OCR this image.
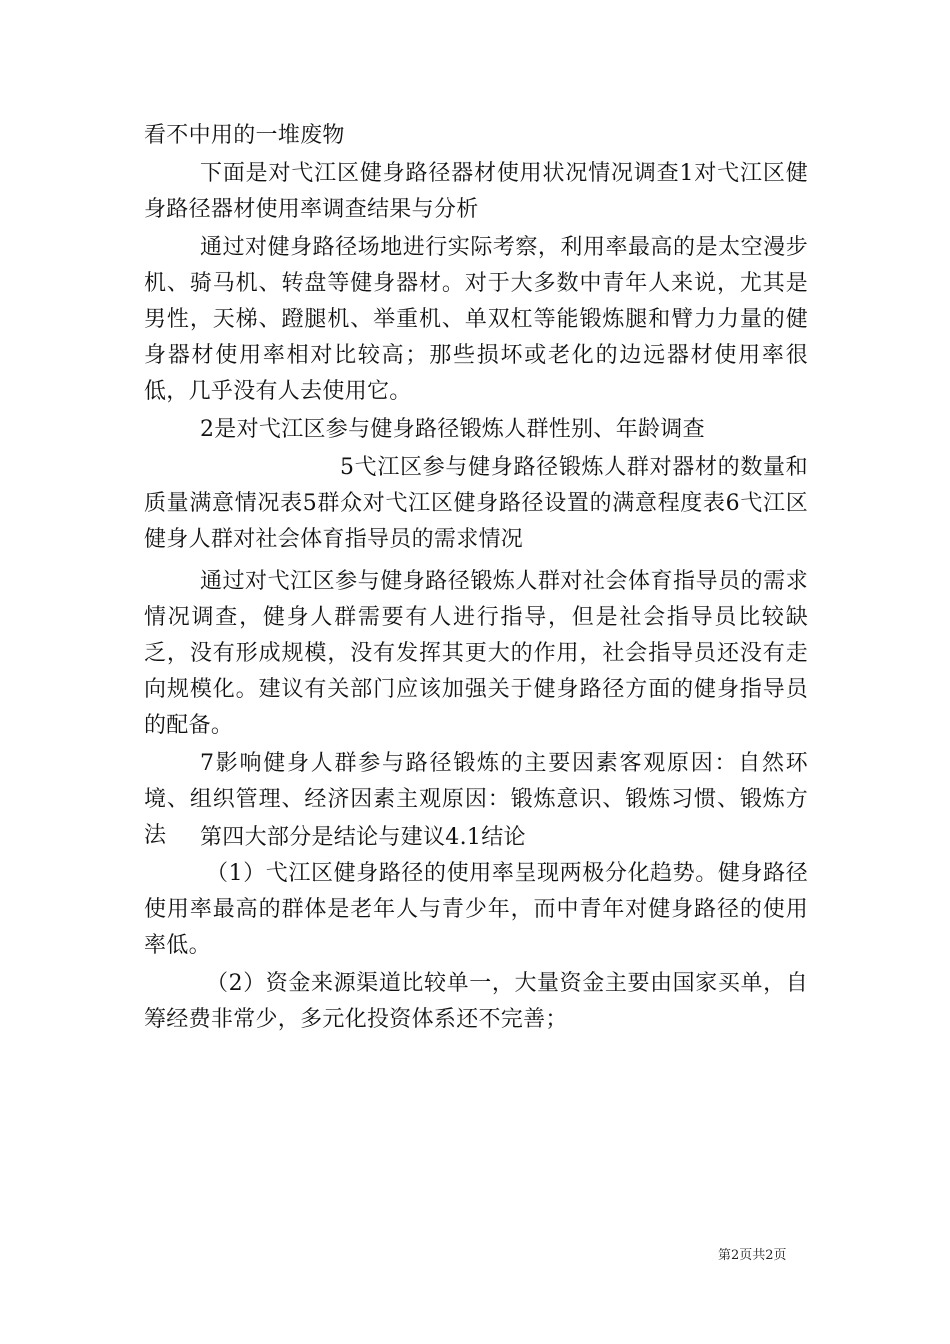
看不中用的一堆废物

下面是对弋江区健身路径器材使用状况情况调查1对弋江区健身路径器材使用率调查结果与分析

通过对健身路径场地进行实际考察，利用率最高的是太空漫步机、骑马机、转盘等健身器材。对于大多数中青年人来说，尤其是男性，天梯、蹬腿机、举重机、单双杠等能锻炼腿和臂力力量的健身器材使用率相对比较高；那些损坏或老化的边远器材使用率很低，几乎没有人去使用它。

2是对弋江区参与健身路径锻炼人群性别、年龄调查

5弋江区参与健身路径锻炼人群对器材的数量和质量满意情况表5群众对弋江区健身路径设置的满意程度表6弋江区健身人群对社会体育指导员的需求情况

通过对弋江区参与健身路径锻炼人群对社会体育指导员的需求情况调查，健身人群需要有人进行指导，但是社会指导员比较缺乏，没有形成规模，没有发挥其更大的作用，社会指导员还没有走向规模化。建议有关部门应该加强关于健身路径方面的健身指导员的配备。

7影响健身人群参与路径锻炼的主要因素客观原因：自然环境、组织管理、经济因素主观原因：锻炼意识、锻炼习惯、锻炼方法	第四大部分是结论与建议4.1结论

（1）弋江区健身路径的使用率呈现两极分化趋势。健身路径使用率最高的群体是老年人与青少年，而中青年对健身路径的使用率低。

（2）资金来源渠道比较单一，大量资金主要由国家买单，自筹经费非常少，多元化投资体系还不完善；

第2页共2页
